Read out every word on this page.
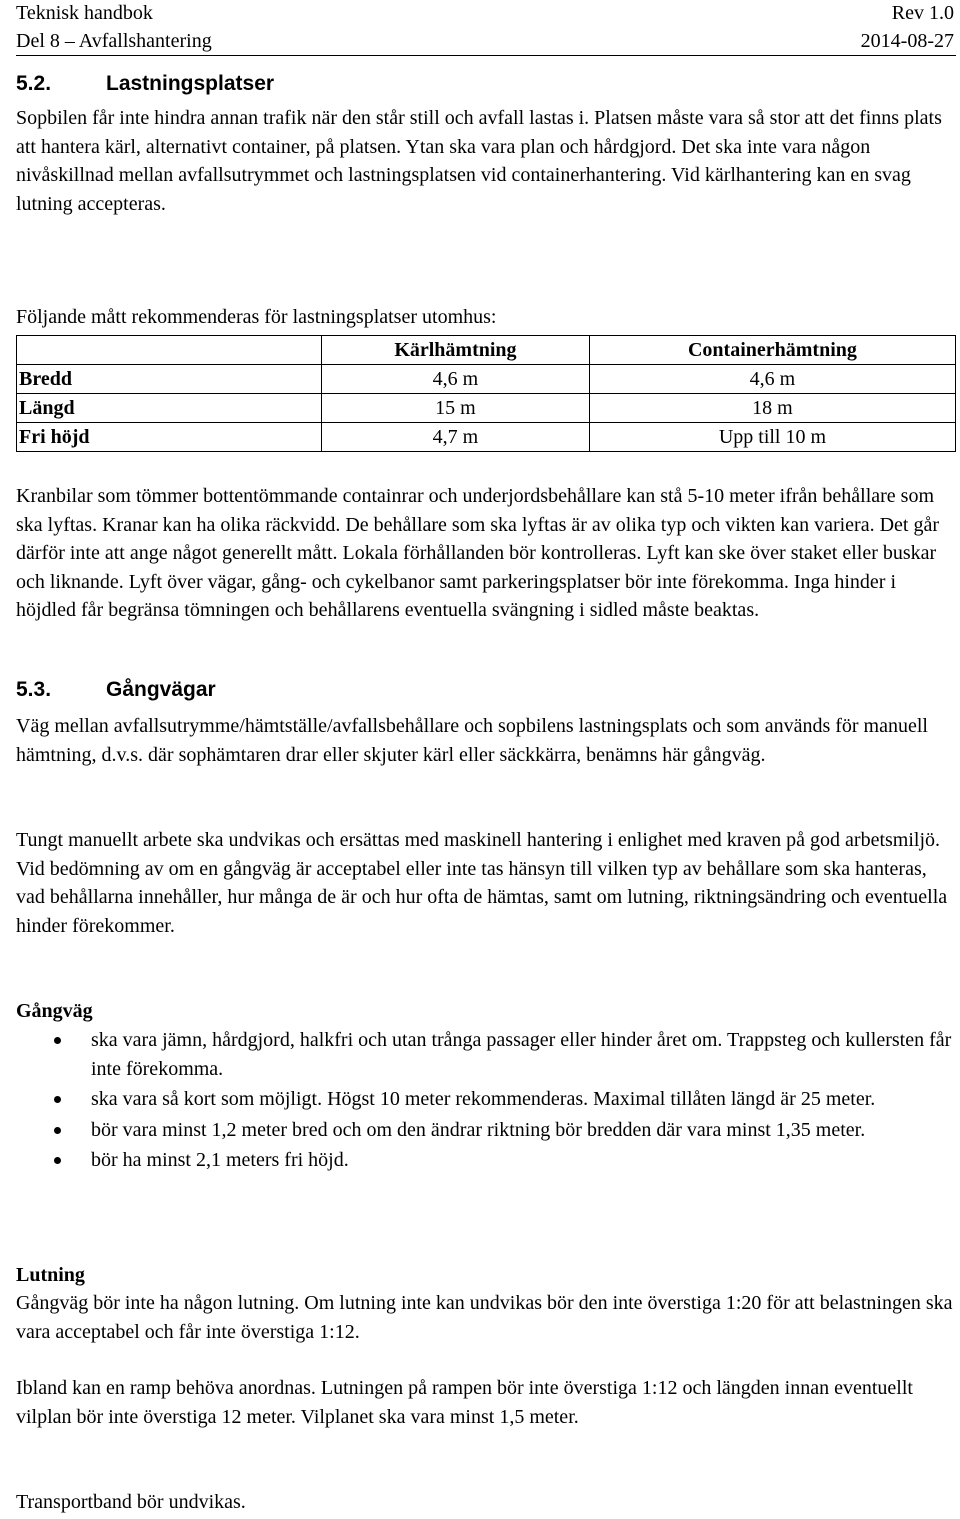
Teknisk handbok	Rev 1.0
Del 8 – Avfallshantering	2014-08-27
5.2.	Lastningsplatser

Sopbilen får inte hindra annan trafik när den står still och avfall lastas i. Platsen måste vara så stor att det finns plats att hantera kärl, alternativt container, på platsen. Ytan ska vara plan och hårdgjord. Det ska inte vara någon nivåskillnad mellan avfallsutrymmet och lastningsplatsen vid containerhantering. Vid kärlhantering kan en svag lutning accepteras.

Följande mått rekommenderas för lastningsplatser utomhus:
	Kärlhämtning	Containerhämtning
Bredd	4,6 m	4,6 m
Längd	15 m	18 m
Fri höjd	4,7 m	Upp till 10 m

Kranbilar som tömmer bottentömmande containrar och underjordsbehållare kan stå 5-10 meter ifrån behållare som ska lyftas. Kranar kan ha olika räckvidd. De behållare som ska lyftas är av olika typ och vikten kan variera. Det går därför inte att ange något generellt mått. Lokala förhållanden bör kontrolleras. Lyft kan ske över staket eller buskar och liknande. Lyft över vägar, gång- och cykelbanor samt parkeringsplatser bör inte förekomma. Inga hinder i höjdled får begränsa tömningen och behållarens eventuella svängning i sidled måste beaktas.

5.3.	Gångvägar

Väg mellan avfallsutrymme/hämtställe/avfallsbehållare och sopbilens lastningsplats och som används för manuell hämtning, d.v.s. där sophämtaren drar eller skjuter kärl eller säckkärra, benämns här gångväg.

Tungt manuellt arbete ska undvikas och ersättas med maskinell hantering i enlighet med kraven på god arbetsmiljö. Vid bedömning av om en gångväg är acceptabel eller inte tas hänsyn till vilken typ av behållare som ska hanteras, vad behållarna innehåller, hur många de är och hur ofta de hämtas, samt om lutning, riktningsändring och eventuella hinder förekommer.

Gångväg
ska vara jämn, hårdgjord, halkfri och utan trånga passager eller hinder året om. Trappsteg och kullersten får inte förekomma.
ska vara så kort som möjligt. Högst 10 meter rekommenderas. Maximal tillåten längd är 25 meter.
bör vara minst 1,2 meter bred och om den ändrar riktning bör bredden där vara minst 1,35 meter.
bör ha minst 2,1 meters fri höjd.
Lutning

Gångväg bör inte ha någon lutning. Om lutning inte kan undvikas bör den inte överstiga 1:20 för att belastningen ska vara acceptabel och får inte överstiga 1:12.

Ibland kan en ramp behöva anordnas. Lutningen på rampen bör inte överstiga 1:12 och längden innan eventuellt vilplan bör inte överstiga 12 meter. Vilplanet ska vara minst 1,5 meter.

Transportband bör undvikas.
